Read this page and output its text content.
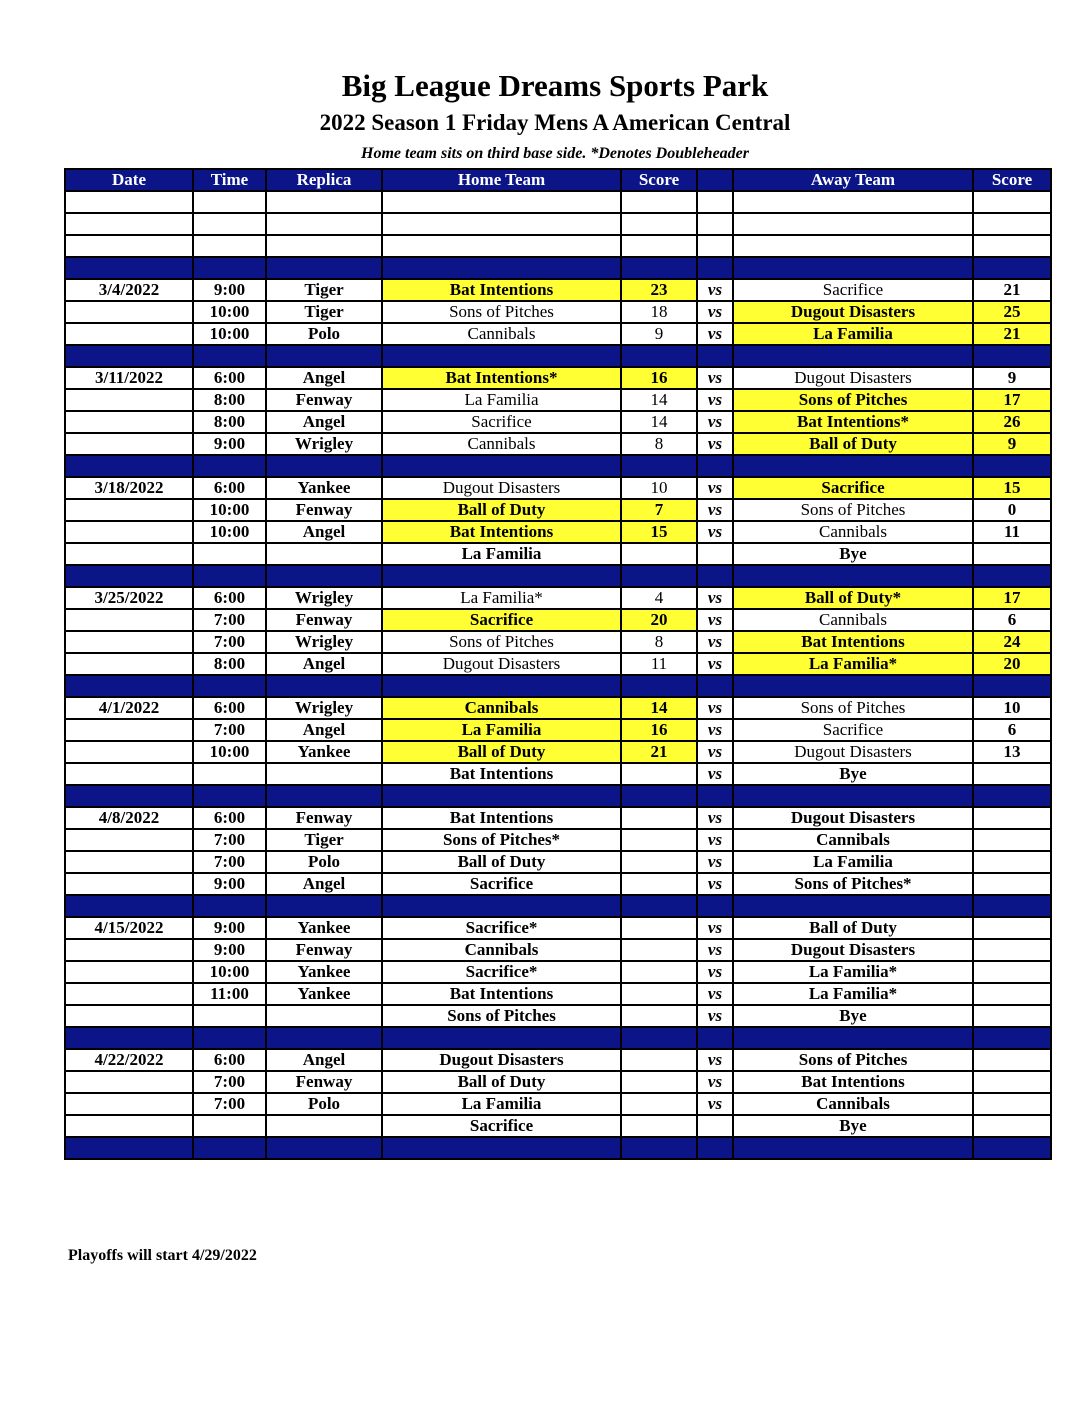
Big League Dreams Sports Park
2022 Season 1 Friday Mens A American Central
Home team sits on third base side. *Denotes Doubleheader
Date	Time	Replica	Home Team	Score		Away Team	Score

3/4/2022	9:00	Tiger	Bat Intentions	23	vs	Sacrifice	21
	10:00	Tiger	Sons of Pitches	18	vs	Dugout Disasters	25
	10:00	Polo	Cannibals	9	vs	La Familia	21

3/11/2022	6:00	Angel	Bat Intentions*	16	vs	Dugout Disasters	9
	8:00	Fenway	La Familia	14	vs	Sons of Pitches	17
	8:00	Angel	Sacrifice	14	vs	Bat Intentions*	26
	9:00	Wrigley	Cannibals	8	vs	Ball of Duty	9

3/18/2022	6:00	Yankee	Dugout Disasters	10	vs	Sacrifice	15
	10:00	Fenway	Ball of Duty	7	vs	Sons of Pitches	0
	10:00	Angel	Bat Intentions	15	vs	Cannibals	11
			La Familia			Bye	

3/25/2022	6:00	Wrigley	La Familia*	4	vs	Ball of Duty*	17
	7:00	Fenway	Sacrifice	20	vs	Cannibals	6
	7:00	Wrigley	Sons of Pitches	8	vs	Bat Intentions	24
	8:00	Angel	Dugout Disasters	11	vs	La Familia*	20

4/1/2022	6:00	Wrigley	Cannibals	14	vs	Sons of Pitches	10
	7:00	Angel	La Familia	16	vs	Sacrifice	6
	10:00	Yankee	Ball of Duty	21	vs	Dugout Disasters	13
			Bat Intentions		vs	Bye	

4/8/2022	6:00	Fenway	Bat Intentions		vs	Dugout Disasters	
	7:00	Tiger	Sons of Pitches*		vs	Cannibals	
	7:00	Polo	Ball of Duty		vs	La Familia	
	9:00	Angel	Sacrifice		vs	Sons of Pitches*	

4/15/2022	9:00	Yankee	Sacrifice*		vs	Ball of Duty	
	9:00	Fenway	Cannibals		vs	Dugout Disasters	
	10:00	Yankee	Sacrifice*		vs	La Familia*	
	11:00	Yankee	Bat Intentions		vs	La Familia*	
			Sons of Pitches		vs	Bye	

4/22/2022	6:00	Angel	Dugout Disasters		vs	Sons of Pitches	
	7:00	Fenway	Ball of Duty		vs	Bat Intentions	
	7:00	Polo	La Familia		vs	Cannibals	
			Sacrifice			Bye	

Playoffs will start 4/29/2022
